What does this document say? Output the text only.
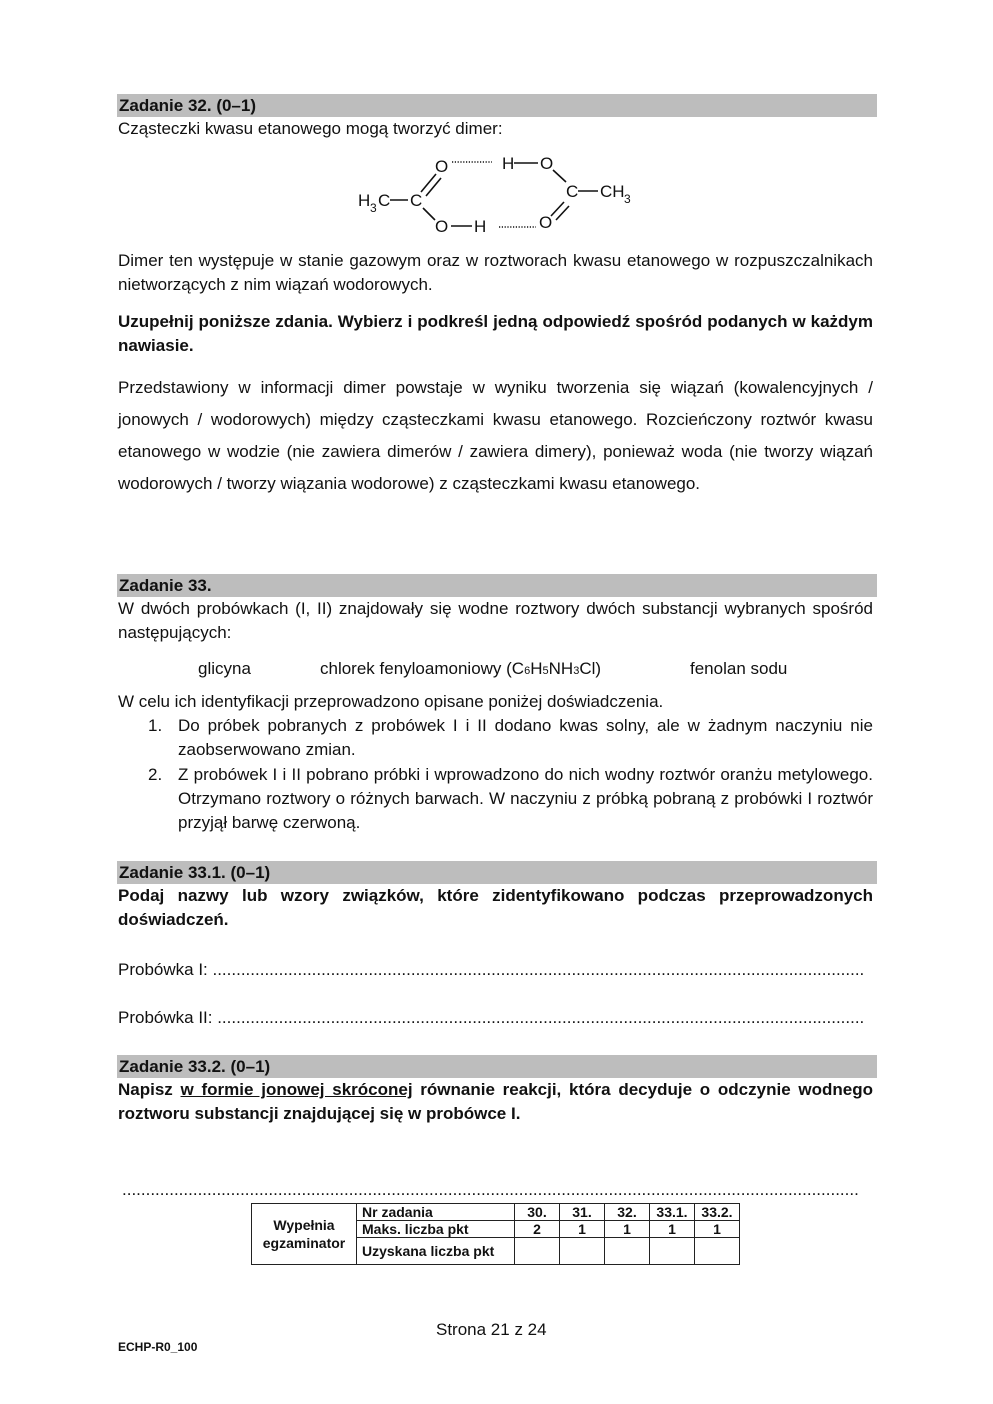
Zadanie 32. (0–1)
Cząsteczki kwasu etanowego mogą tworzyć dimer:
H 3 C C
O
O H
H O
C CH 3
O
Dimer ten występuje w stanie gazowym oraz w roztworach kwasu etanowego w rozpuszczalnikach nietworzących z nim wiązań wodorowych.
Uzupełnij poniższe zdania. Wybierz i podkreśl jedną odpowiedź spośród podanych w każdym nawiasie.
Przedstawiony w informacji dimer powstaje w wyniku tworzenia się wiązań (kowalencyjnych / jonowych / wodorowych) między cząsteczkami kwasu etanowego. Rozcieńczony roztwór kwasu etanowego w wodzie (nie zawiera dimerów / zawiera dimery), ponieważ woda (nie tworzy wiązań wodorowych / tworzy wiązania wodorowe) z cząsteczkami kwasu etanowego.
Zadanie 33.
W dwóch probówkach (I, II) znajdowały się wodne roztwory dwóch substancji wybranych spośród następujących:
glicyna	chlorek fenyloamoniowy (C6H5NH3Cl)	fenolan sodu
W celu ich identyfikacji przeprowadzono opisane poniżej doświadczenia.
1. Do próbek pobranych z probówek I i II dodano kwas solny, ale w żadnym naczyniu nie zaobserwowano zmian.
2. Z probówek I i II pobrano próbki i wprowadzono do nich wodny roztwór oranżu metylowego. Otrzymano roztwory o różnych barwach. W naczyniu z próbką pobraną z probówki I roztwór przyjął barwę czerwoną.
Zadanie 33.1. (0–1)
Podaj nazwy lub wzory związków, które zidentyfikowano podczas przeprowadzonych doświadczeń.
Probówka I: ..........................................................................................................................................
Probówka II: .........................................................................................................................................
Zadanie 33.2. (0–1)
Napisz w formie jonowej skróconej równanie reakcji, która decyduje o odczynie wodnego roztworu substancji znajdującej się w probówce I.
............................................................................................................................................................
Wypełnia egzaminator	Nr zadania	30.	31.	32.	33.1.	33.2.
	Maks. liczba pkt	2	1	1	1	1
	Uzyskana liczba pkt					
Strona 21 z 24
ECHP-R0_100
